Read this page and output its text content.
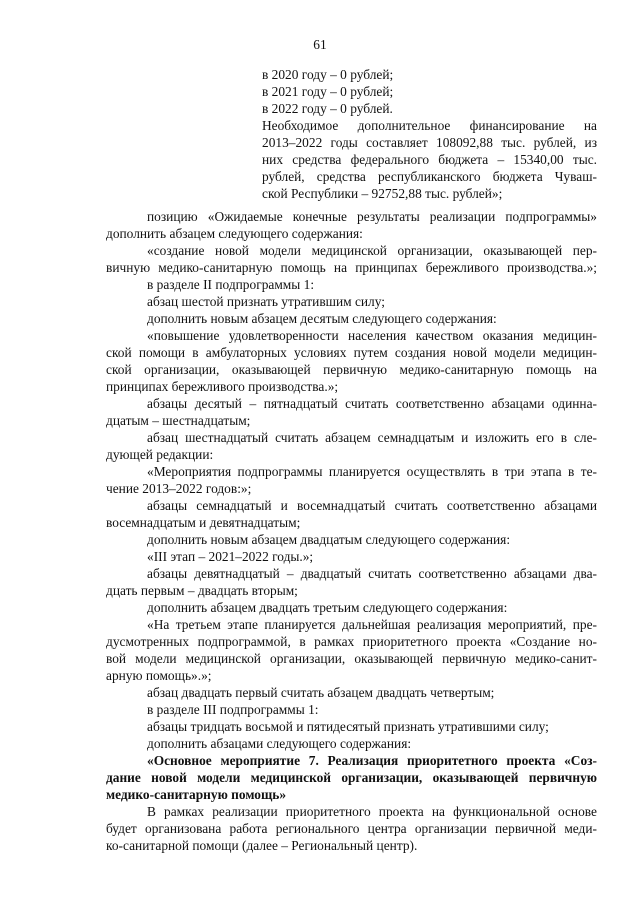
61
в 2020 году – 0 рублей;
в 2021 году – 0 рублей;
в 2022 году – 0 рублей.
Необходимое дополнительное финансирование на
2013–2022 годы составляет 108092,88 тыс. рублей, из
них средства федерального бюджета – 15340,00 тыс.
рублей, средства республиканского бюджета Чуваш-
ской Республики – 92752,88 тыс. рублей»;
позицию «Ожидаемые конечные результаты реализации подпрограммы»
дополнить абзацем следующего содержания:
«создание новой модели медицинской организации, оказывающей пер-
вичную медико-санитарную помощь на принципах бережливого производства.»;
в разделе II подпрограммы 1:
абзац шестой признать утратившим силу;
дополнить новым абзацем десятым следующего содержания:
«повышение удовлетворенности населения качеством оказания медицин-
ской помощи в амбулаторных условиях путем создания новой модели медицин-
ской организации, оказывающей первичную медико-санитарную помощь на
принципах бережливого производства.»;
абзацы десятый – пятнадцатый считать соответственно абзацами одинна-
дцатым – шестнадцатым;
абзац шестнадцатый считать абзацем семнадцатым и изложить его в сле-
дующей редакции:
«Мероприятия подпрограммы планируется осуществлять в три этапа в те-
чение 2013–2022 годов:»;
абзацы семнадцатый и восемнадцатый считать соответственно абзацами
восемнадцатым и девятнадцатым;
дополнить новым абзацем двадцатым следующего содержания:
«III этап – 2021–2022 годы.»;
абзацы девятнадцатый – двадцатый считать соответственно абзацами два-
дцать первым – двадцать вторым;
дополнить абзацем двадцать третьим следующего содержания:
«На третьем этапе планируется дальнейшая реализация мероприятий, пре-
дусмотренных подпрограммой, в рамках приоритетного проекта «Создание но-
вой модели медицинской организации, оказывающей первичную медико-санит-
арную помощь».»;
абзац двадцать первый считать абзацем двадцать четвертым;
в разделе III подпрограммы 1:
абзацы тридцать восьмой и пятидесятый признать утратившими силу;
дополнить абзацами следующего содержания:
«Основное мероприятие 7. Реализация приоритетного проекта «Соз-
дание новой модели медицинской организации, оказывающей первичную
медико-санитарную помощь»
В рамках реализации приоритетного проекта на функциональной основе
будет организована работа регионального центра организации первичной меди-
ко-санитарной помощи (далее – Региональный центр).
